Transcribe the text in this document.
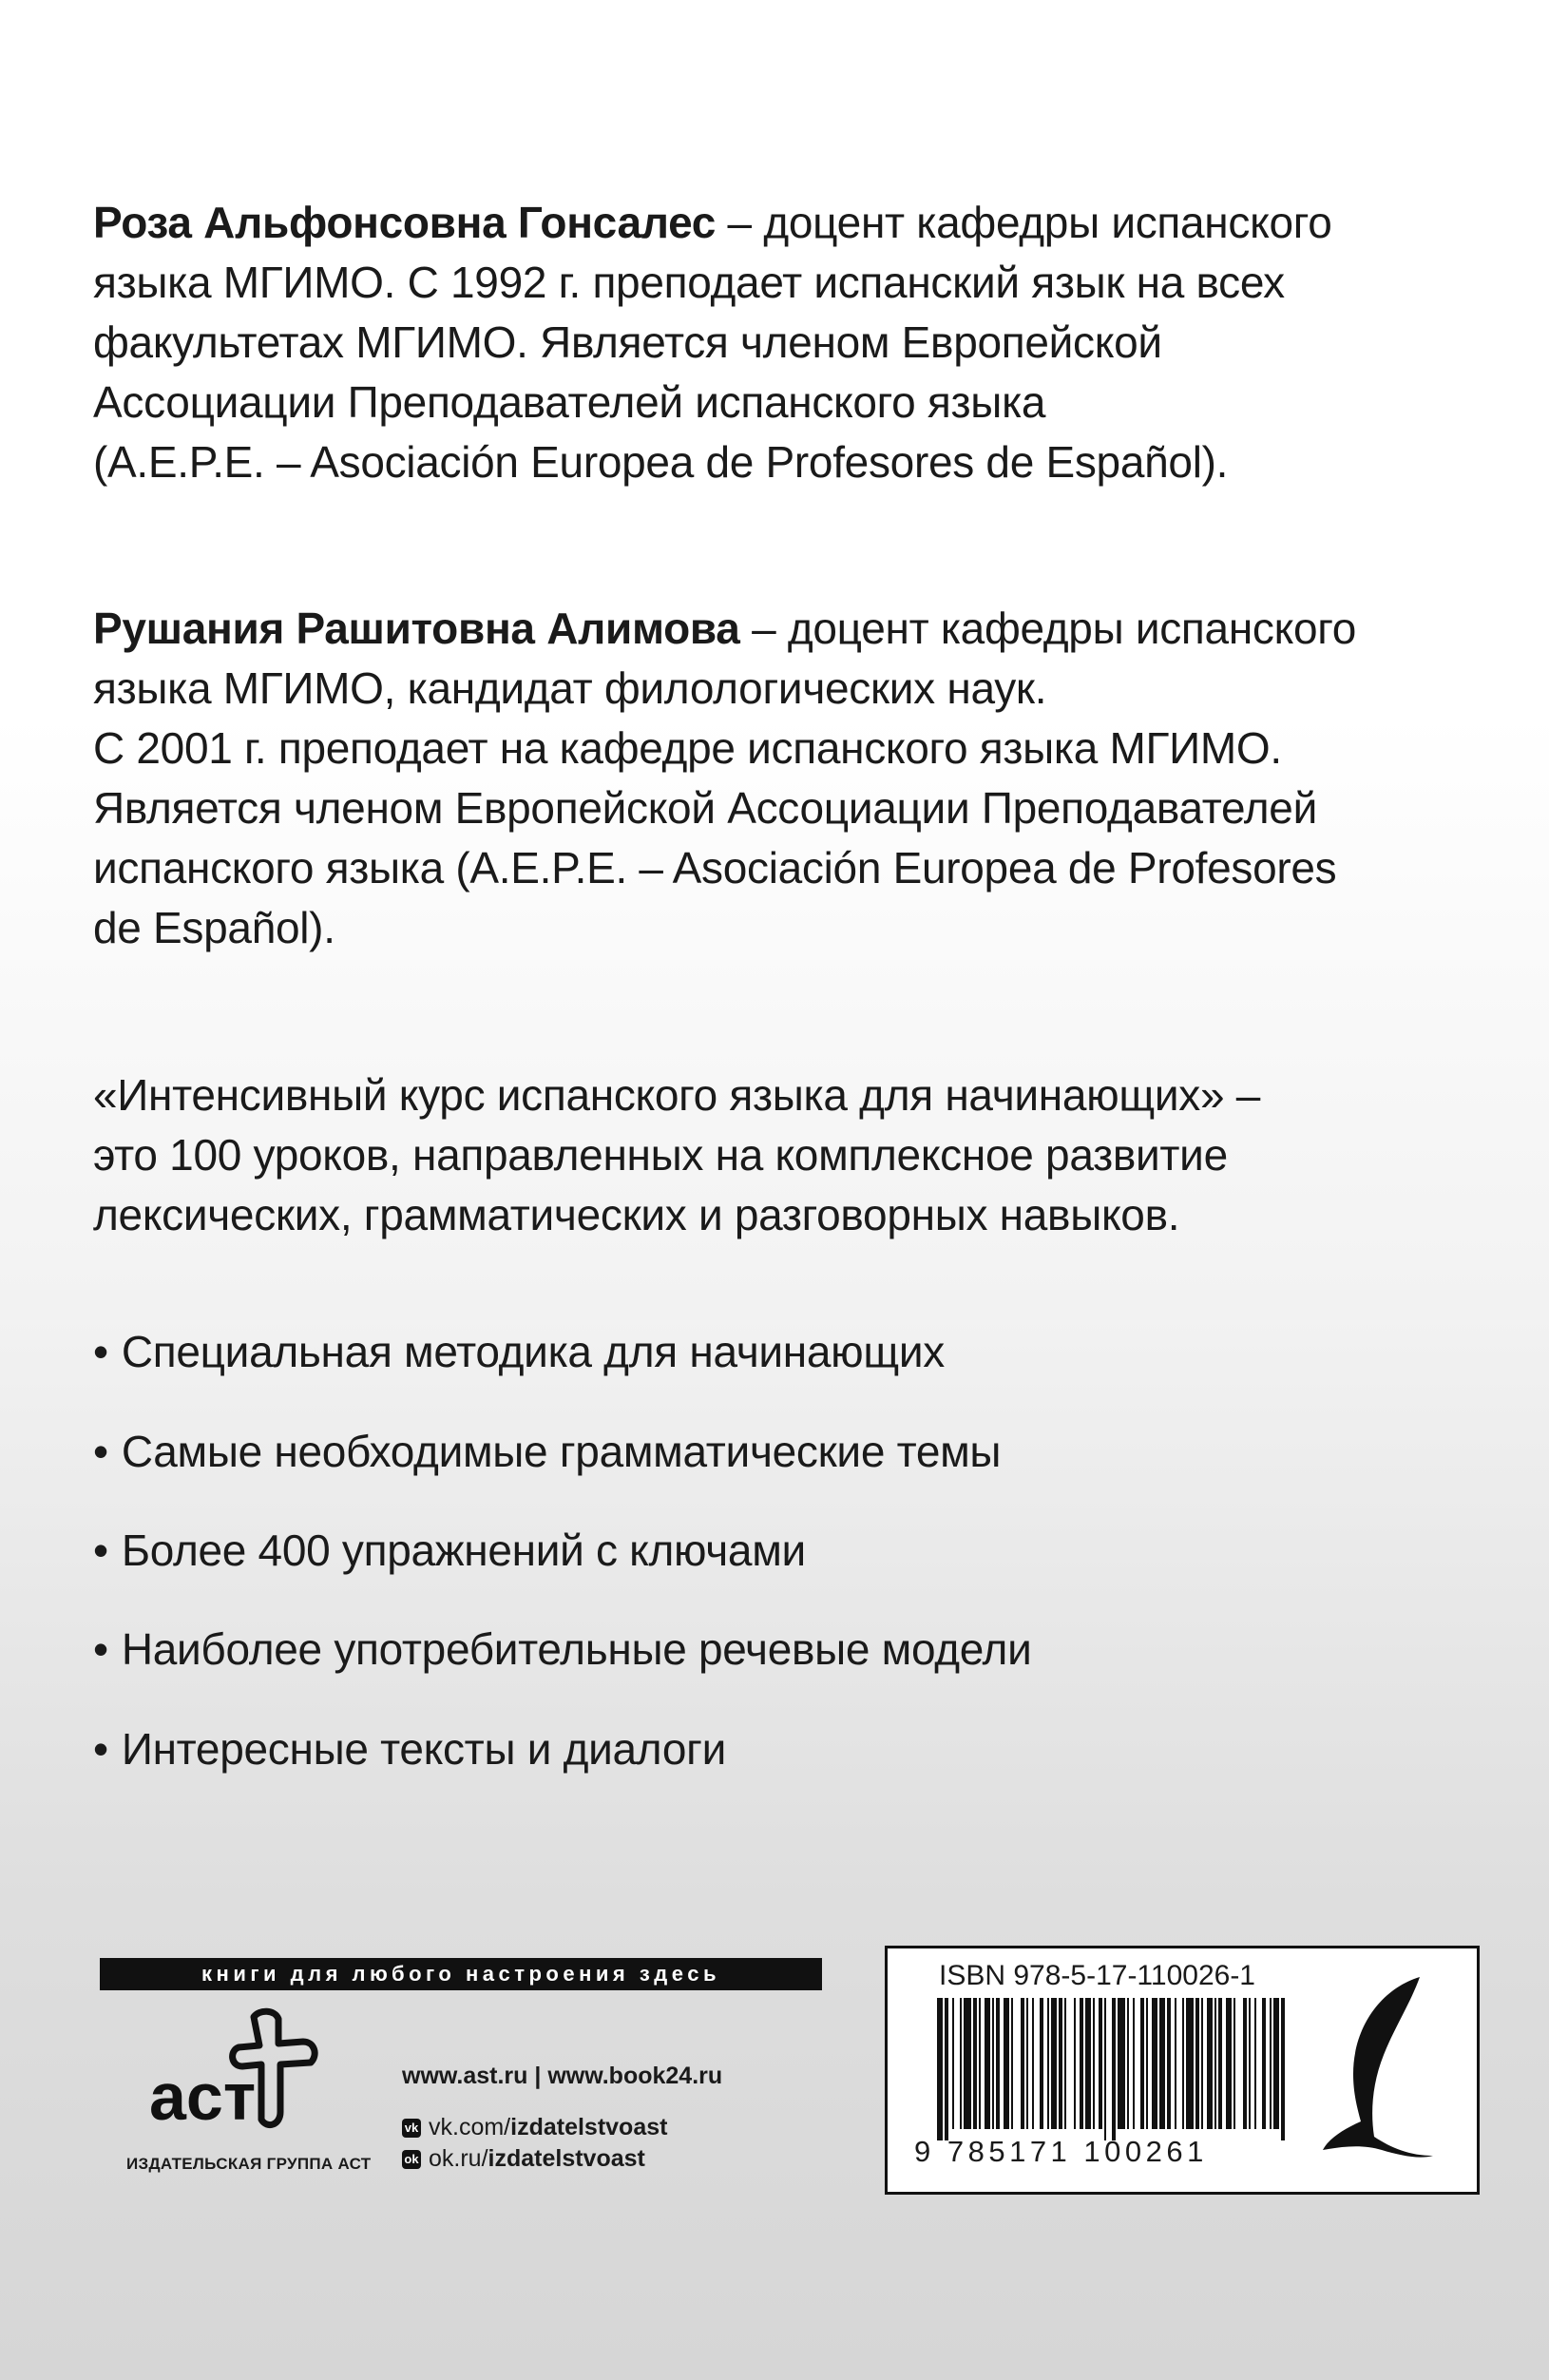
Роза Альфонсовна Гонсалес – доцент кафедры испанского
языка МГИМО. С 1992 г. преподает испанский язык на всех
факультетах МГИМО. Является членом Европейской
Ассоциации Преподавателей испанского языка
(A.E.P.E. – Asociación Europea de Profesores de Español).
Рушания Рашитовна Алимова – доцент кафедры испанского
языка МГИМО, кандидат филологических наук.
С 2001 г. преподает на кафедре испанского языка МГИМО.
Является членом Европейской Ассоциации Преподавателей
испанского языка (A.E.P.E. – Asociación Europea de Profesores
de Español).
«Интенсивный курс испанского языка для начинающих» –
это 100 уроков, направленных на комплексное развитие
лексических, грамматических и разговорных навыков.
• Специальная методика для начинающих
• Самые необходимые грамматические темы
• Более 400 упражнений с ключами
• Наиболее употребительные речевые модели
• Интересные тексты и диалоги
книги для любого настроения здесь
аст
ИЗДАТЕЛЬСКАЯ ГРУППА АСТ
www.ast.ru | www.book24.ru
vk vk.com/ izdatelstvoast
ok ok.ru/ izdatelstvoast
ISBN 978-5-17-110026-1
9 785171 100261
